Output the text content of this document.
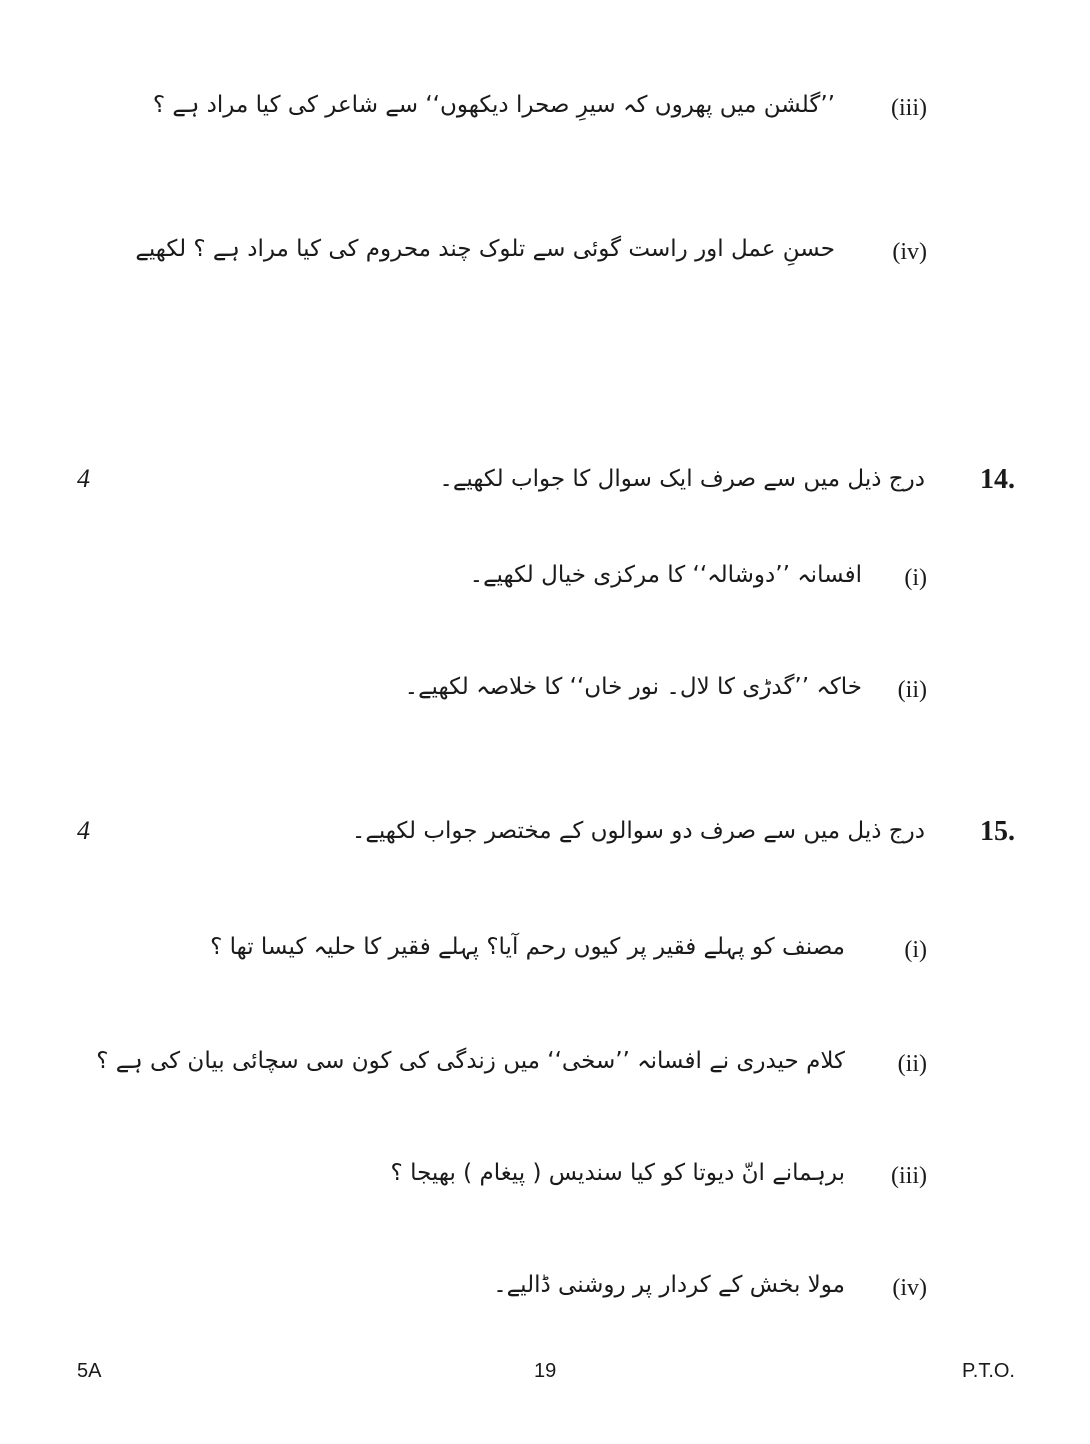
(iii)
’’گلشن میں پھروں کہ سیرِ صحرا دیکھوں‘‘ سے شاعر کی کیا مراد ہے ؟
(iv)
حسنِ عمل اور راست گوئی سے تلوک چند محروم کی کیا مراد ہے ؟ لکھیے
4	درج ذیل میں سے صرف ایک سوال کا جواب لکھیے۔ 14.
(i)
افسانہ ’’دوشالہ‘‘ کا مرکزی خیال لکھیے۔
(ii)
خاکہ ’’گدڑی کا لال۔ نور خاں‘‘ کا خلاصہ لکھیے۔
4	درج ذیل میں سے صرف دو سوالوں کے مختصر جواب لکھیے۔ 15.
(i)
مصنف کو پہلے فقیر پر کیوں رحم آیا؟ پہلے فقیر کا حلیہ کیسا تھا ؟
(ii)
کلام حیدری نے افسانہ ’’سخی‘‘ میں زندگی کی کون سی سچائی بیان کی ہے ؟
(iii)
برہمانے انّ دیوتا کو کیا سندیس ( پیغام ) بھیجا ؟
(iv)
مولا بخش کے کردار پر روشنی ڈالیے۔
5A	19	P.T.O.
